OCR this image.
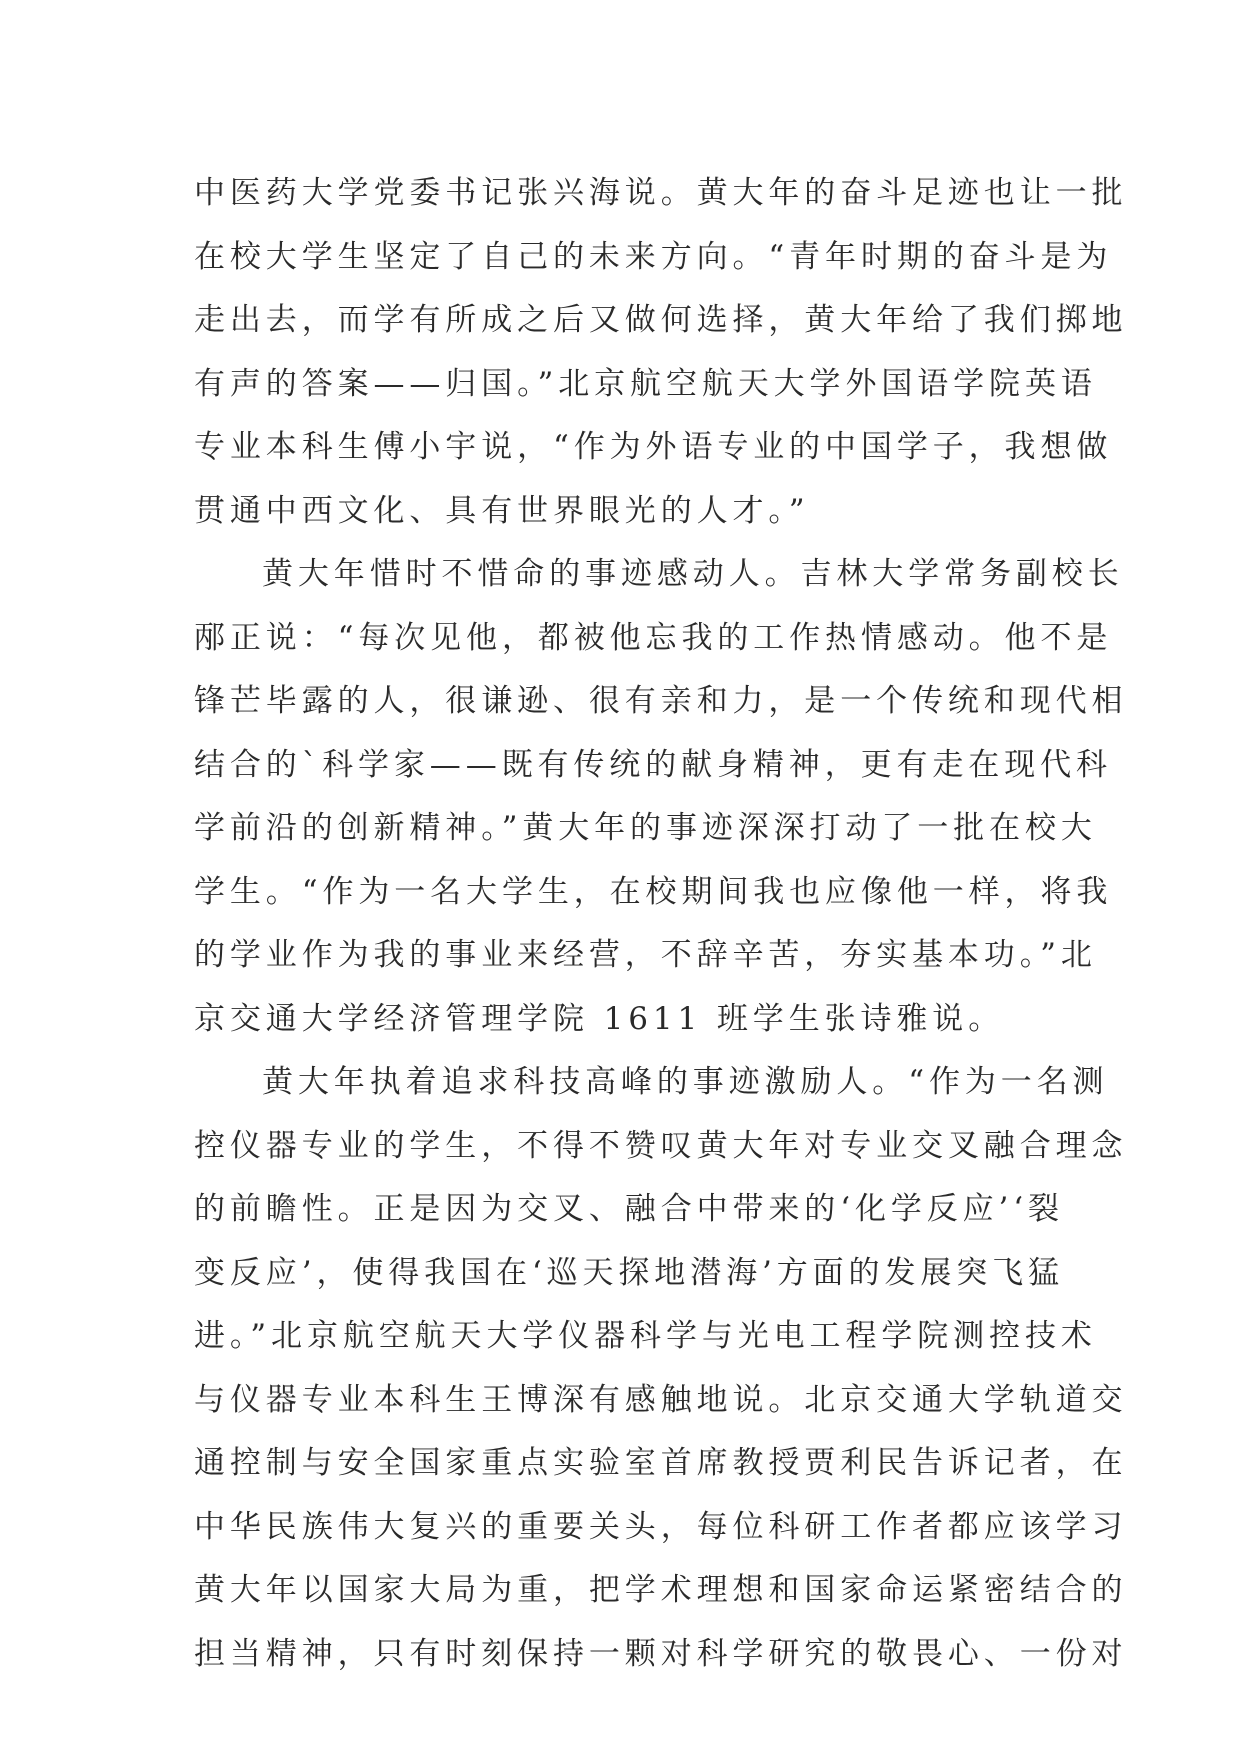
中医药大学党委书记张兴海说。黄大年的奋斗足迹也让一批
在校大学生坚定了自己的未来方向。“青年时期的奋斗是为
走出去，而学有所成之后又做何选择，黄大年给了我们掷地
有声的答案——归国。”北京航空航天大学外国语学院英语
专业本科生傅小宇说，“作为外语专业的中国学子，我想做
贯通中西文化、具有世界眼光的人才。”
黄大年惜时不惜命的事迹感动人。吉林大学常务副校长
邴正说：“每次见他，都被他忘我的工作热情感动。他不是
锋芒毕露的人，很谦逊、很有亲和力，是一个传统和现代相
结合的`科学家——既有传统的献身精神，更有走在现代科
学前沿的创新精神。”黄大年的事迹深深打动了一批在校大
学生。“作为一名大学生，在校期间我也应像他一样，将我
的学业作为我的事业来经营，不辞辛苦，夯实基本功。”北
京交通大学经济管理学院 1611 班学生张诗雅说。
黄大年执着追求科技高峰的事迹激励人。“作为一名测
控仪器专业的学生，不得不赞叹黄大年对专业交叉融合理念
的前瞻性。正是因为交叉、融合中带来的‘化学反应’‘裂
变反应’，使得我国在‘巡天探地潜海’方面的发展突飞猛
进。”北京航空航天大学仪器科学与光电工程学院测控技术
与仪器专业本科生王博深有感触地说。北京交通大学轨道交
通控制与安全国家重点实验室首席教授贾利民告诉记者，在
中华民族伟大复兴的重要关头，每位科研工作者都应该学习
黄大年以国家大局为重，把学术理想和国家命运紧密结合的
担当精神，只有时刻保持一颗对科学研究的敬畏心、一份对
